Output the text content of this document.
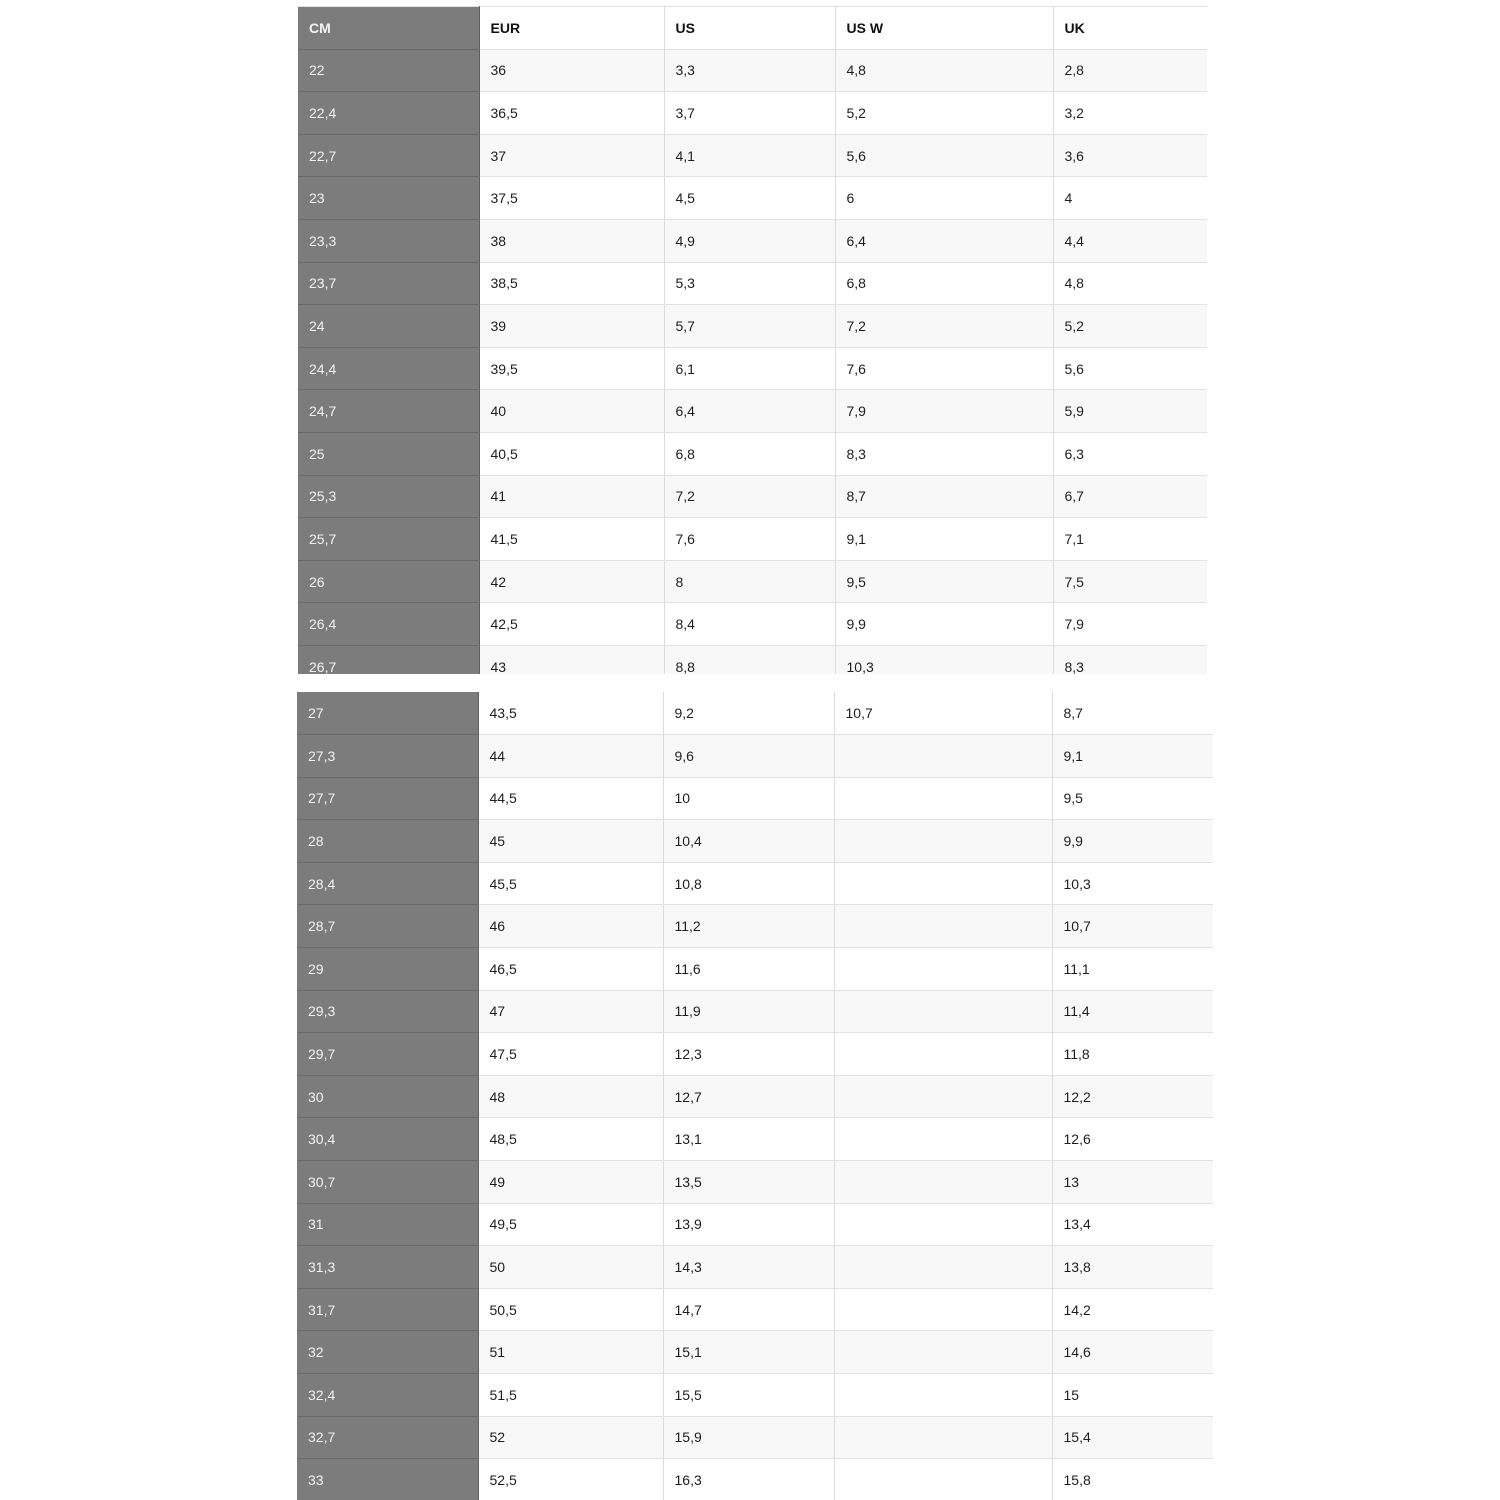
CM	EUR	US	US W	UK
22	36	3,3	4,8	2,8
22,4	36,5	3,7	5,2	3,2
22,7	37	4,1	5,6	3,6
23	37,5	4,5	6	4
23,3	38	4,9	6,4	4,4
23,7	38,5	5,3	6,8	4,8
24	39	5,7	7,2	5,2
24,4	39,5	6,1	7,6	5,6
24,7	40	6,4	7,9	5,9
25	40,5	6,8	8,3	6,3
25,3	41	7,2	8,7	6,7
25,7	41,5	7,6	9,1	7,1
26	42	8	9,5	7,5
26,4	42,5	8,4	9,9	7,9
26,7	43	8,8	10,3	8,3
27	43,5	9,2	10,7	8,7
27,3	44	9,6		9,1
27,7	44,5	10		9,5
28	45	10,4		9,9
28,4	45,5	10,8		10,3
28,7	46	11,2		10,7
29	46,5	11,6		11,1
29,3	47	11,9		11,4
29,7	47,5	12,3		11,8
30	48	12,7		12,2
30,4	48,5	13,1		12,6
30,7	49	13,5		13
31	49,5	13,9		13,4
31,3	50	14,3		13,8
31,7	50,5	14,7		14,2
32	51	15,1		14,6
32,4	51,5	15,5		15
32,7	52	15,9		15,4
33	52,5	16,3		15,8
